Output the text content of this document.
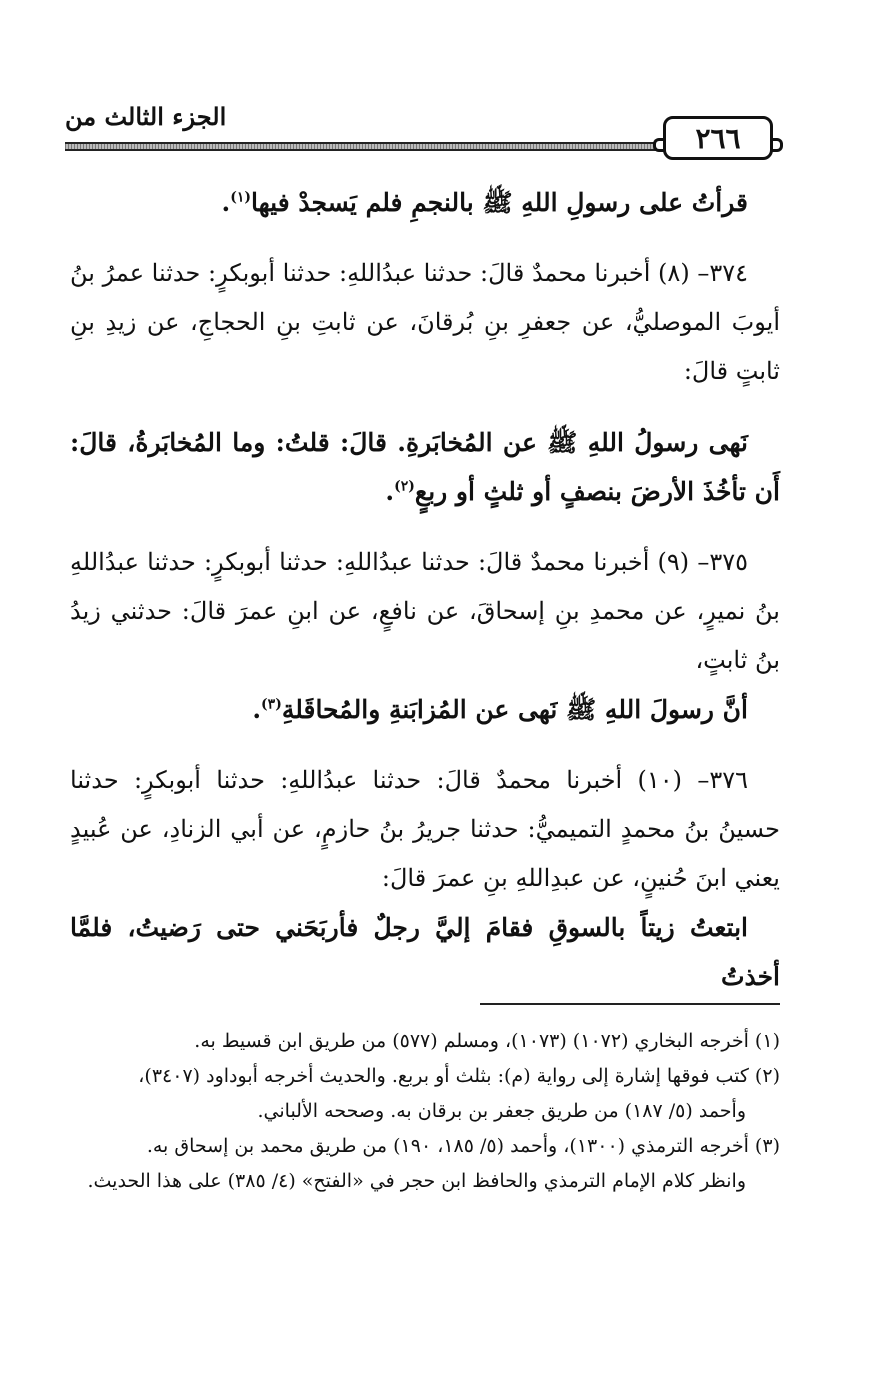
٢٦٦
الجزء الثالث من

قرأتُ على رسولِ اللهِ ﷺ بالنجمِ فلم يَسجدْ فيها$^{(١)}$.

٣٧٤– (٨) أخبرنا محمدٌ قالَ: حدثنا عبدُاللهِ: حدثنا أبوبكرٍ: حدثنا عمرُ بنُ أيوبَ الموصليُّ، عن جعفرِ بنِ بُرقانَ، عن ثابتِ بنِ الحجاجِ، عن زيدِ بنِ ثابتٍ قالَ:

نَهى رسولُ اللهِ ﷺ عن المُخابَرةِ. قالَ: قلتُ: وما المُخابَرةُ، قالَ: أَن تأخُذَ الأرضَ بنصفٍ أو ثلثٍ أو ربعٍ$^{(٢)}$.

٣٧٥– (٩) أخبرنا محمدٌ قالَ: حدثنا عبدُاللهِ: حدثنا أبوبكرٍ: حدثنا عبدُاللهِ بنُ نميرٍ، عن محمدِ بنِ إسحاقَ، عن نافعٍ، عن ابنِ عمرَ قالَ: حدثني زيدُ بنُ ثابتٍ،

أنَّ رسولَ اللهِ ﷺ نَهى عن المُزابَنةِ والمُحاقَلةِ$^{(٣)}$.

٣٧٦– (١٠) أخبرنا محمدٌ قالَ: حدثنا عبدُاللهِ: حدثنا أبوبكرٍ: حدثنا حسينُ بنُ محمدٍ التميميُّ: حدثنا جريرُ بنُ حازمٍ، عن أبي الزنادِ، عن عُبيدٍ يعني ابنَ حُنينٍ، عن عبدِاللهِ بنِ عمرَ قالَ:

ابتعتُ زيتاً بالسوقِ فقامَ إليَّ رجلٌ فأربَحَني حتى رَضيتُ، فلمَّا أخذتُ

(١) أخرجه البخاري (١٠٧٢) (١٠٧٣)، ومسلم (٥٧٧) من طريق ابن قسيط به.

(٢) كتب فوقها إشارة إلى رواية (م): بثلث أو بربع. والحديث أخرجه أبوداود (٣٤٠٧)،

وأحمد (٥/ ١٨٧) من طريق جعفر بن برقان به. وصححه الألباني.

(٣) أخرجه الترمذي (١٣٠٠)، وأحمد (٥/ ١٨٥، ١٩٠) من طريق محمد بن إسحاق به.

وانظر كلام الإمام الترمذي والحافظ ابن حجر في «الفتح» (٤/ ٣٨٥) على هذا الحديث.
